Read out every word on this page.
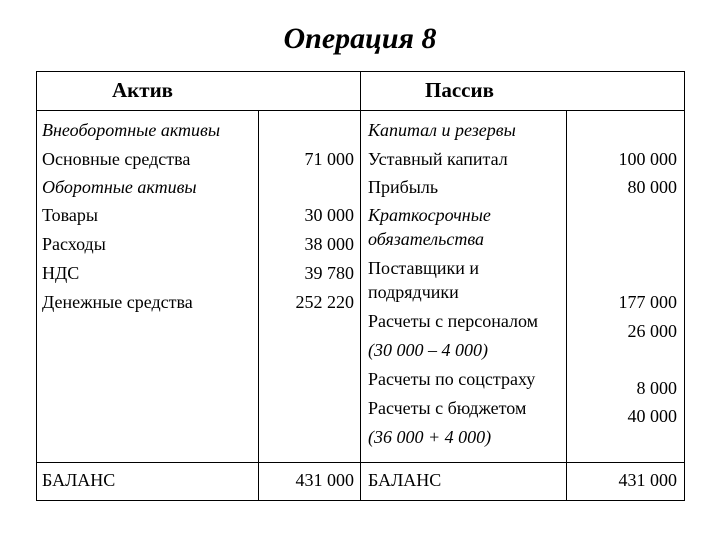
Операция 8
Актив	Пассив
Внеоборотные активы
Основные средства	71 000
Оборотные активы
Товары	30 000
Расходы	38 000
НДС	39 780
Денежные средства	252 220
Капитал и резервы
Уставный капитал	100 000
Прибыль	80 000
Краткосрочные
обязательства
Поставщики и
подрядчики	177 000
Расчеты с персоналом	26 000
(30 000 – 4 000)
Расчеты по соцстраху	8 000
Расчеты с бюджетом	40 000
(36 000 + 4 000)
БАЛАНС	431 000 БАЛАНС	431 000
